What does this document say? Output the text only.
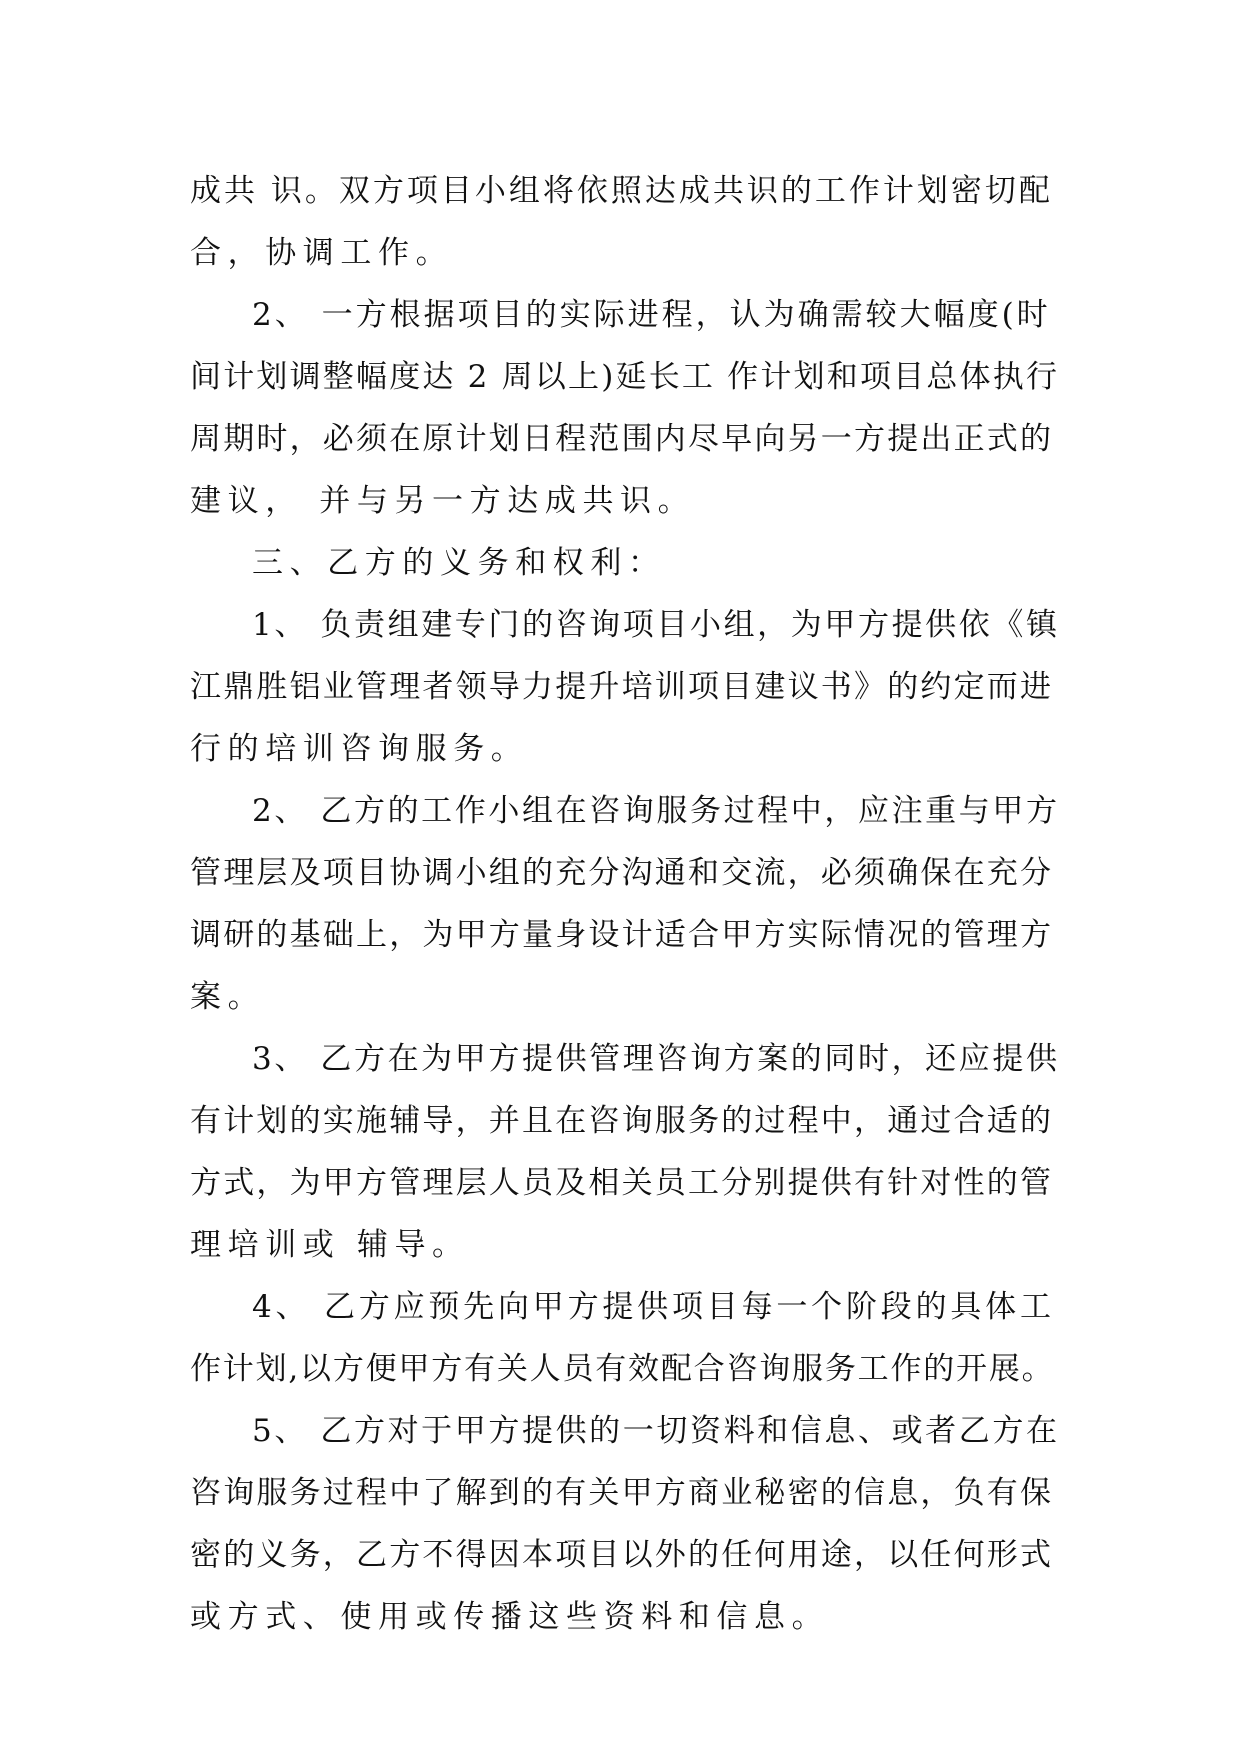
成共 识。双方项目小组将依照达成共识的工作计划密切配
合，协调工作。
2、 一方根据项目的实际进程，认为确需较大幅度(时
间计划调整幅度达 2 周以上)延长工 作计划和项目总体执行
周期时，必须在原计划日程范围内尽早向另一方提出正式的
建议， 并与另一方达成共识。
三、乙方的义务和权利：
1、 负责组建专门的咨询项目小组，为甲方提供依《镇
江鼎胜铝业管理者领导力提升培训项目建议书》的约定而进
行的培训咨询服务。
2、 乙方的工作小组在咨询服务过程中，应注重与甲方
管理层及项目协调小组的充分沟通和交流，必须确保在充分
调研的基础上，为甲方量身设计适合甲方实际情况的管理方
案。
3、 乙方在为甲方提供管理咨询方案的同时，还应提供
有计划的实施辅导，并且在咨询服务的过程中，通过合适的
方式，为甲方管理层人员及相关员工分别提供有针对性的管
理培训或 辅导。
4、 乙方应预先向甲方提供项目每一个阶段的具体工
作计划,以方便甲方有关人员有效配合咨询服务工作的开展。
5、 乙方对于甲方提供的一切资料和信息、或者乙方在
咨询服务过程中了解到的有关甲方商业秘密的信息，负有保
密的义务，乙方不得因本项目以外的任何用途，以任何形式
或方式、使用或传播这些资料和信息。
